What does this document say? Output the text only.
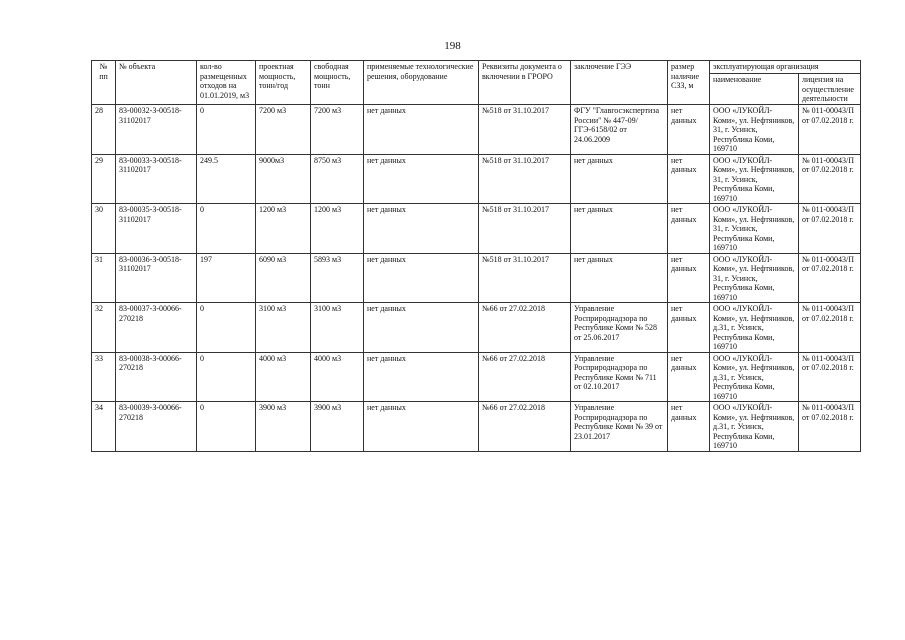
198
№ пп	№ объекта	кол-во размещенных отходов на 01.01.2019, м3	проектная мощность, тонн/год	свободная мощность, тонн	применяемые технологические решения, оборудование	Реквизиты документа о включении в ГРОРО	заключение ГЭЭ	размер наличие СЗЗ, м	эксплуатирующая организация	
									наименование	лицензия на осуществление деятельности
28	83-00032-З-00518-31102017	0	7200 м3	7200 м3	нет данных	№518 от 31.10.2017	ФГУ "Главгосэкспертиза России" № 447-09/ГГЭ-6158/02 от 24.06.2009	нет данных	ООО «ЛУКОЙЛ-Коми», ул. Нефтяников, 31, г. Усинск, Республика Коми, 169710	№ 011-00043/П от 07.02.2018 г.
29	83-00033-З-00518-31102017	249.5	9000м3	8750 м3	нет данных	№518 от 31.10.2017	нет данных	нет данных	ООО «ЛУКОЙЛ-Коми», ул. Нефтяников, 31, г. Усинск, Республика Коми, 169710	№ 011-00043/П от 07.02.2018 г.
30	83-00035-З-00518-31102017	0	1200 м3	1200 м3	нет данных	№518 от 31.10.2017	нет данных	нет данных	ООО «ЛУКОЙЛ-Коми», ул. Нефтяников, 31, г. Усинск, Республика Коми, 169710	№ 011-00043/П от 07.02.2018 г.
31	83-00036-З-00518-31102017	197	6090 м3	5893 м3	нет данных	№518 от 31.10.2017	нет данных	нет данных	ООО «ЛУКОЙЛ-Коми», ул. Нефтяников, 31, г. Усинск, Республика Коми, 169710	№ 011-00043/П от 07.02.2018 г.
32	83-00037-З-00066-270218	0	3100 м3	3100 м3	нет данных	№66 от 27.02.2018	Управление Росприроднадзора по Республике Коми № 528 от 25.06.2017	нет данных	ООО «ЛУКОЙЛ-Коми», ул. Нефтяников, д.31, г. Усинск, Республика Коми, 169710	№ 011-00043/П от 07.02.2018 г.
33	83-00038-З-00066-270218	0	4000 м3	4000 м3	нет данных	№66 от 27.02.2018	Управление Росприроднадзора по Республике Коми № 711 от 02.10.2017	нет данных	ООО «ЛУКОЙЛ-Коми», ул. Нефтяников, д.31, г. Усинск, Республика Коми, 169710	№ 011-00043/П от 07.02.2018 г.
34	83-00039-З-00066-270218	0	3900 м3	3900 м3	нет данных	№66 от 27.02.2018	Управление Росприроднадзора по Республике Коми № 39 от 23.01.2017	нет данных	ООО «ЛУКОЙЛ-Коми», ул. Нефтяников, д.31, г. Усинск, Республика Коми, 169710	№ 011-00043/П от 07.02.2018 г.
